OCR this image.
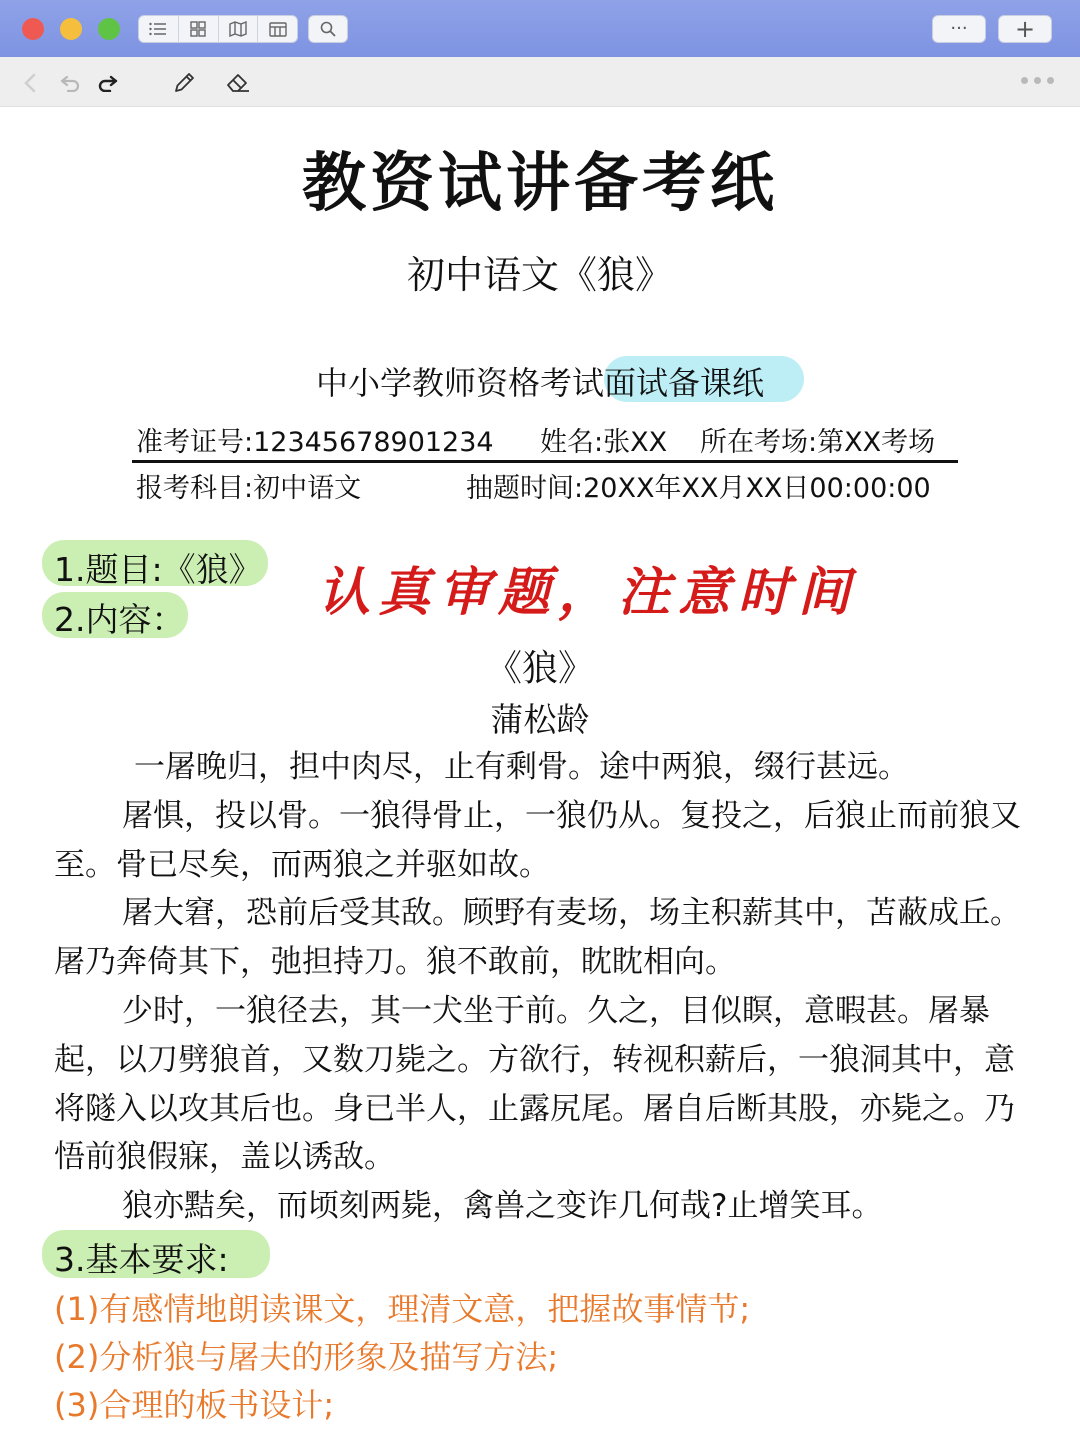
··· +
教资试讲备考纸
初中语文《狼》
中小学教师资格考试面试备课纸
准考证号:12345678901234 姓名:张XX 所在考场:第XX考场
报考科目:初中语文	抽题时间:20XX年XX月XX日00:00:00
1.题目:《狼》
2.内容：	认真审题，注意时间
《狼》
蒲松龄

一屠晚归，担中肉尽，止有剩骨。途中两狼，缀行甚远。

屠惧，投以骨。一狼得骨止，一狼仍从。复投之，后狼止而前狼又至。骨已尽矣，而两狼之并驱如故。

屠大窘，恐前后受其敌。顾野有麦场，场主积薪其中，苫蔽成丘。屠乃奔倚其下，弛担持刀。狼不敢前，眈眈相向。

少时，一狼径去，其一犬坐于前。久之，目似瞑，意暇甚。屠暴起，以刀劈狼首，又数刀毙之。方欲行，转视积薪后，一狼洞其中，意将隧入以攻其后也。身已半人，止露尻尾。屠自后断其股，亦毙之。乃悟前狼假寐，盖以诱敌。

狼亦黠矣，而顷刻两毙，禽兽之变诈几何哉?止增笑耳。

3.基本要求:
(1)有感情地朗读课文，理清文意，把握故事情节;
(2)分析狼与屠夫的形象及描写方法;
(3)合理的板书设计;
